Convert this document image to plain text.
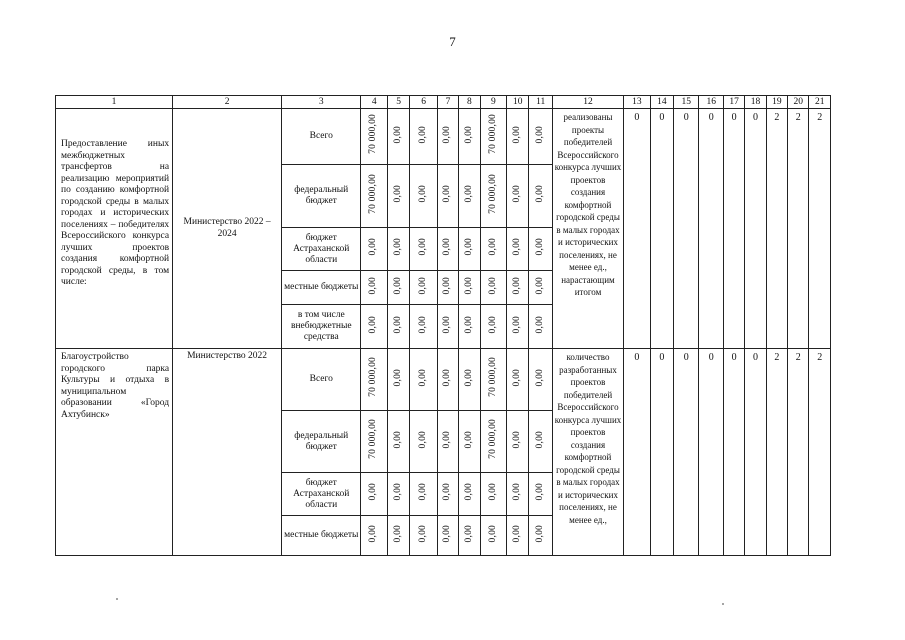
7
1	2	3	4	5	6	7	8	9	10	11	12	13	14	15	16	17	18	19	20	21
Предоставление иных межбюджетных трансфертов на реализацию мероприятий по созданию комфортной городской среды в малых городах и исторических поселениях – победителях Всероссийского конкурса лучших проектов создания комфортной городской среды, в том числе:	Министерство 2022 – 2024	Всего	70 000,00	0,00	0,00	0,00	0,00	70 000,00	0,00	0,00	реализованы проекты победителей Всероссийского конкурса лучших проектов создания комфортной городской среды в малых городах и исторических поселениях, не менее ед., нарастающим итогом	0	0	0	0	0	0	2	2	2
		федеральный бюджет	70 000,00	0,00	0,00	0,00	0,00	70 000,00	0,00	0,00										
		бюджет Астраханской области	0,00	0,00	0,00	0,00	0,00	0,00	0,00	0,00										
		местные бюджеты	0,00	0,00	0,00	0,00	0,00	0,00	0,00	0,00										
		в том числе внебюджетные средства	0,00	0,00	0,00	0,00	0,00	0,00	0,00	0,00										
Благоустройство городского парка Культуры и отдыха в муниципальном образовании «Город Ахтубинск»	Министерство 2022	Всего	70 000,00	0,00	0,00	0,00	0,00	70 000,00	0,00	0,00	количество разработанных проектов победителей Всероссийского конкурса лучших проектов создания комфортной городской среды в малых городах и исторических поселениях, не менее ед.,	0	0	0	0	0	0	2	2	2
		федеральный бюджет	70 000,00	0,00	0,00	0,00	0,00	70 000,00	0,00	0,00										
		бюджет Астраханской области	0,00	0,00	0,00	0,00	0,00	0,00	0,00	0,00										
		местные бюджеты	0,00	0,00	0,00	0,00	0,00	0,00	0,00	0,00										
